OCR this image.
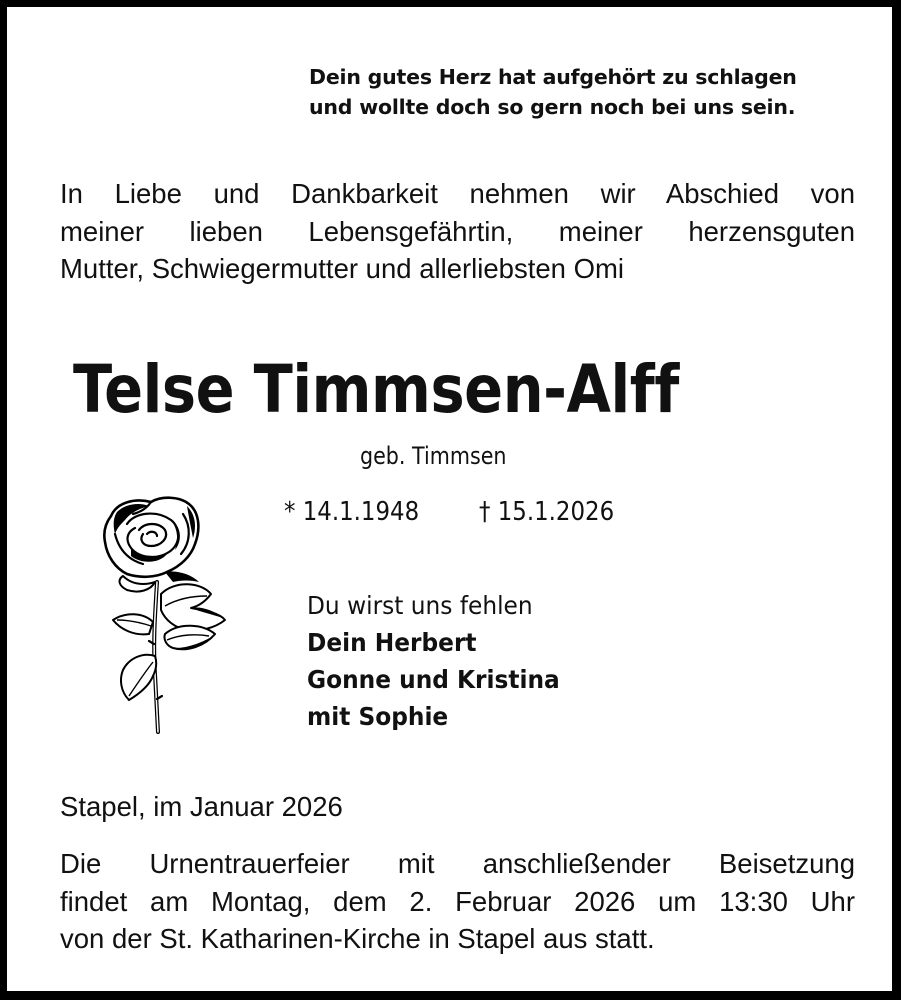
Dein gutes Herz hat aufgehört zu schlagen
und wollte doch so gern noch bei uns sein.
In Liebe und Dankbarkeit nehmen wir Abschied von
meiner lieben Lebensgefährtin, meiner herzensguten
Mutter, Schwiegermutter und allerliebsten Omi
Telse Timmsen-Alff
geb. Timmsen
* 14.1.1948 † 15.1.2026
Du wirst uns fehlen
Dein Herbert
Gonne und Kristina
mit Sophie
Stapel, im Januar 2026
Die Urnentrauerfeier mit anschließender Beisetzung
findet am Montag, dem 2. Februar 2026 um 13:30 Uhr
von der St. Katharinen-Kirche in Stapel aus statt.
